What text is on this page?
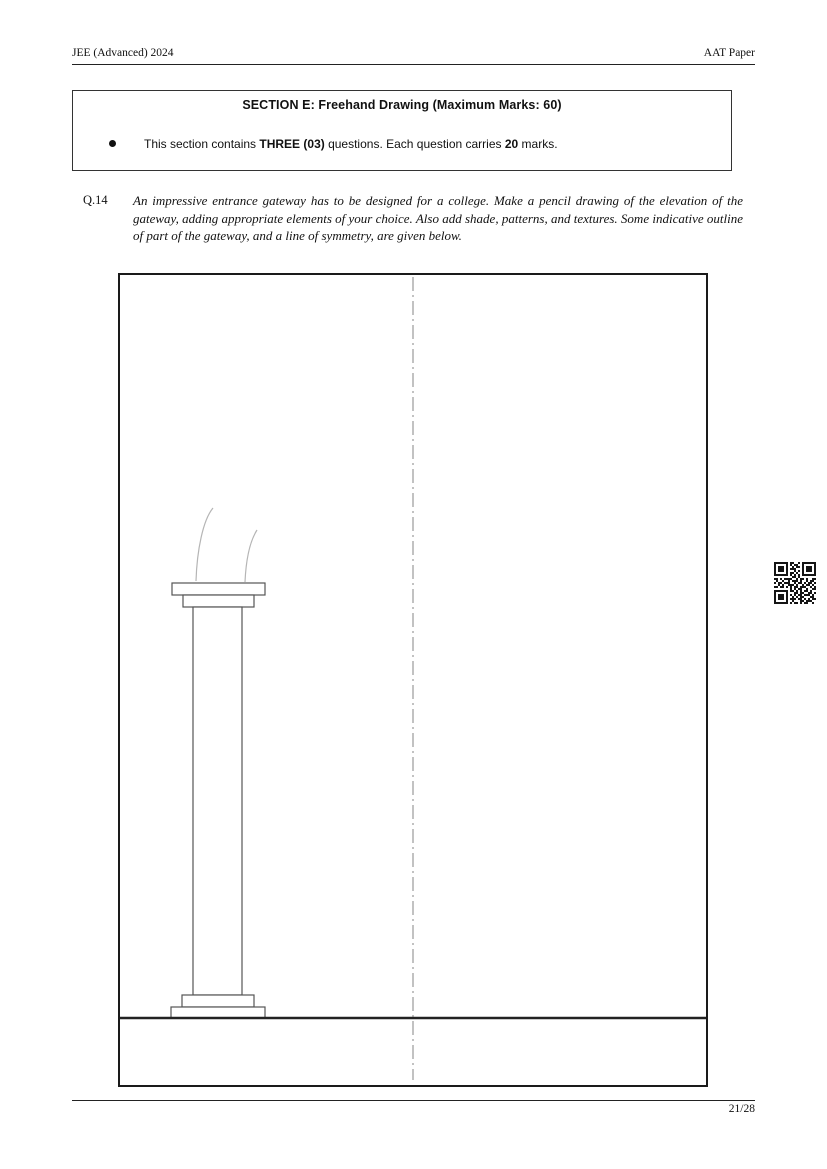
JEE (Advanced) 2024	AAT Paper
SECTION E: Freehand Drawing (Maximum Marks: 60)
This section contains THREE (03) questions. Each question carries 20 marks.
Q.14	An impressive entrance gateway has to be designed for a college. Make a pencil drawing of the elevation of the gateway, adding appropriate elements of your choice. Also add shade, patterns, and textures. Some indicative outline of part of the gateway, and a line of symmetry, are given below.
21/28
